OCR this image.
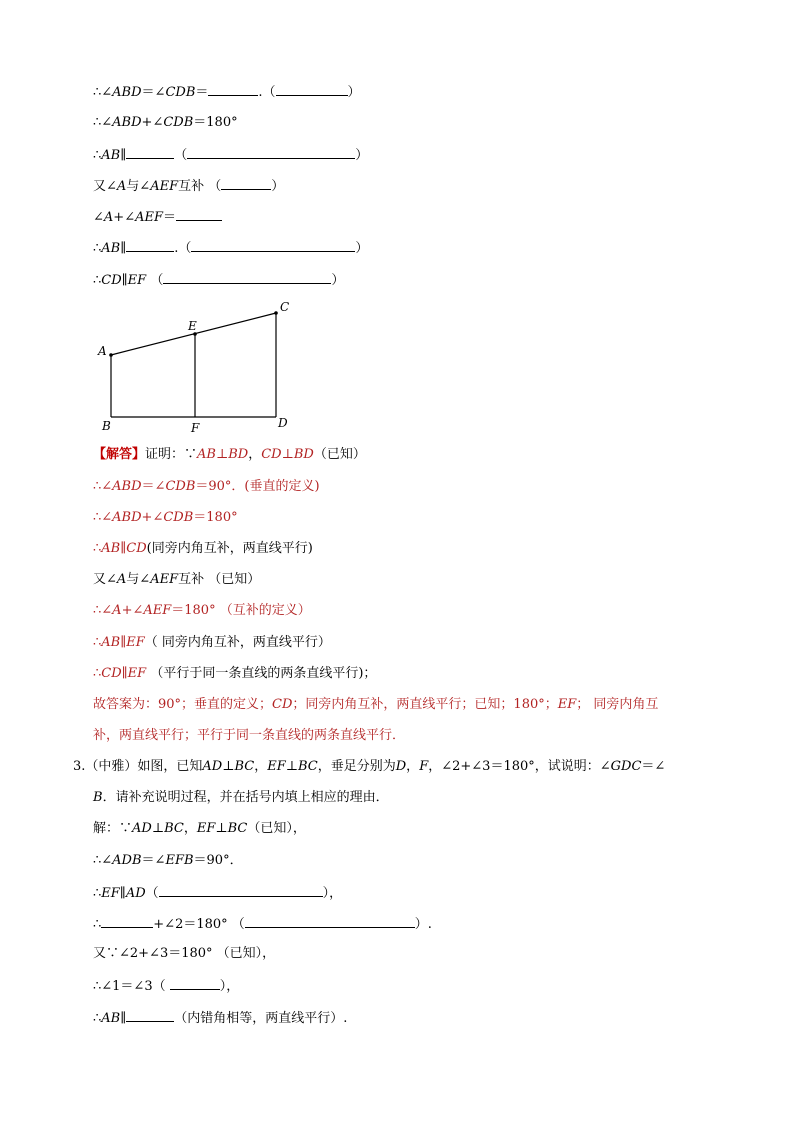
∴∠ABD＝∠CDB＝	.（	）
∴∠ABD+∠CDB＝180°
∴AB∥	（	）
又∠A与∠AEF互补 （	）
∠A+∠AEF＝
∴AB∥	.（	）
∴CD∥EF （	）
A
B
C
D
E
F
【解答】证明：∵AB⊥BD，CD⊥BD（已知）
∴∠ABD＝∠CDB＝90°．(垂直的定义)
∴∠ABD+∠CDB＝180°
∴AB∥CD(同旁内角互补，两直线平行)
又∠A与∠AEF互补 （已知）
∴∠A+∠AEF＝180° （互补的定义）
∴AB∥EF（ 同旁内角互补，两直线平行）
∴CD∥EF （平行于同一条直线的两条直线平行)；
故答案为：90°；垂直的定义；CD；同旁内角互补，两直线平行；已知；180°；EF； 同旁内角互
补，两直线平行；平行于同一条直线的两条直线平行．
3.（中雅）如图，已知AD⊥BC，EF⊥BC，垂足分别为D，F，∠2+∠3＝180°，试说明：∠GDC＝∠
B．请补充说明过程，并在括号内填上相应的理由．
解：∵AD⊥BC，EF⊥BC（已知），
∴∠ADB＝∠EFB＝90°．
∴EF∥AD（	），
∴	+∠2＝180° （	）.
又∵∠2+∠3＝180° （已知），
∴∠1＝∠3（	），
∴AB∥	（内错角相等，两直线平行）.
